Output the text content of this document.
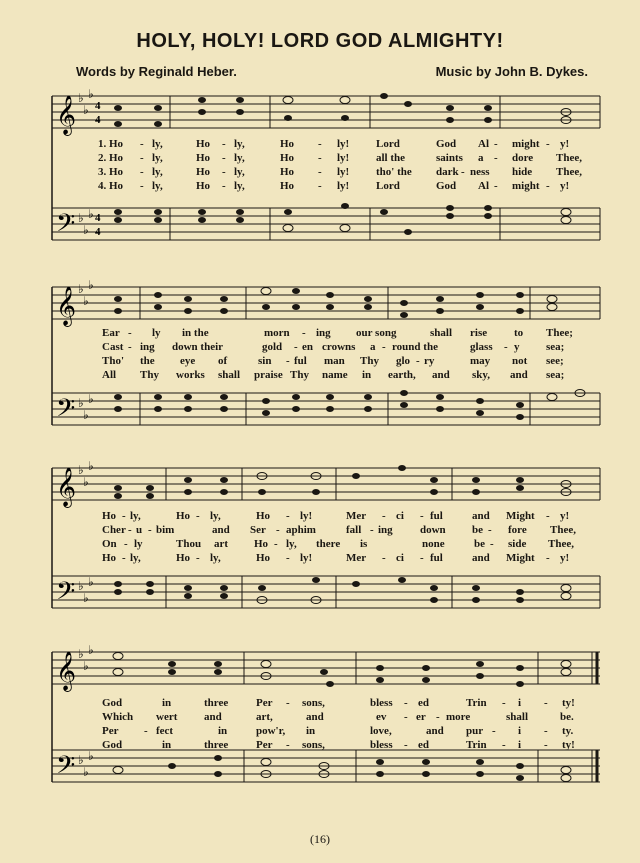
HOLY, HOLY! LORD GOD ALMIGHTY!
Words by Reginald Heber.	Music by John B. Dykes.
𝄞
𝄢
♭
♭
♭
♭
♭
♭
4
4
4
4
1. Ho - ly,	Ho - ly,	Ho - ly! Lord	God Al - might - y!
2. Ho - ly,	Ho - ly,	Ho - ly! all the	saints a - dore Thee,
3. Ho - ly,	Ho - ly,	Ho - ly! tho' the dark - ness hide Thee,
4. Ho - ly,	Ho - ly,	Ho - ly! Lord	God Al - might - y!
𝄞
𝄢
♭
♭
♭
♭
♭
♭
Ear - ly in the	morn - ing our song	shall rise to Thee;
Cast - ing down their	gold - en crowns a - round the	glass - y sea;
Tho' the eye of	sin - ful man Thy glo - ry	may not see;
All Thy works shall praise Thy name in earth, and sky, and sea;
𝄞
𝄢
♭
♭
♭
♭
♭
♭
Ho - ly,	Ho - ly,	Ho - ly!	Mer - ci - ful	and Might - y!
Cher - u - bim	and Ser - aphim	fall - ing down be - fore Thee,
On - ly	Thou art Ho - ly, there is	none	be - side Thee,
Ho - ly,	Ho - ly,	Ho - ly!	Mer - ci - ful	and Might - y!
𝄞
𝄢
♭
♭
♭
♭
♭
♭
God	in	three	Per - sons,	bless - ed	Trin - i - ty!
Which wert and	art,	and	ev - er - more	shall	be.
Per - fect	in	pow'r, in	love,	and pur - i - ty.
God	in	three	Per - sons,	bless - ed	Trin - i - ty!
(16)
